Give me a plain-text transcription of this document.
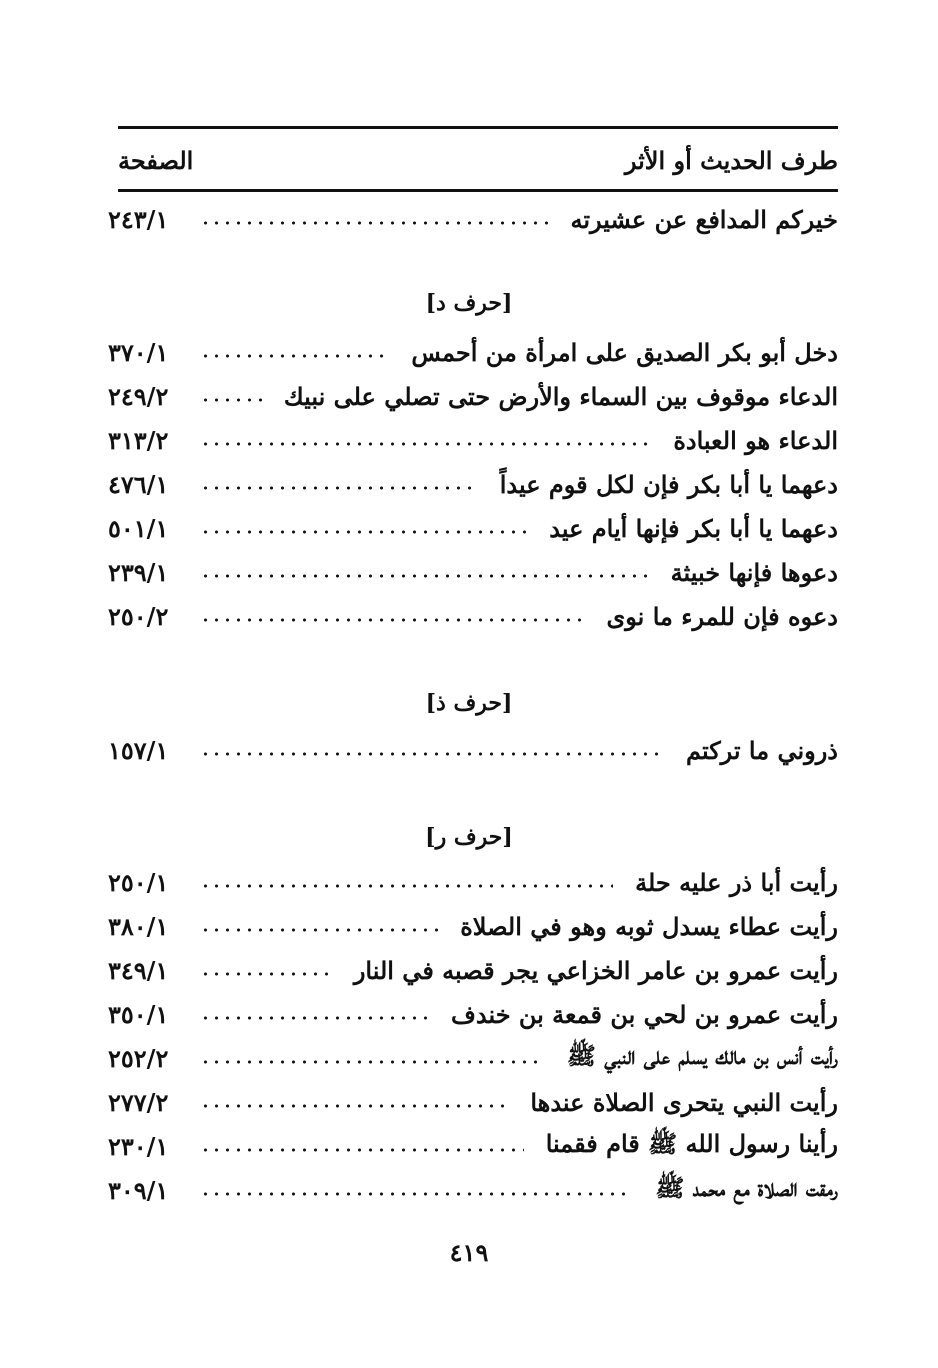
طرف الحديث أو الأثر
الصفحة
خيركم المدافع عن عشيرته
٢٤٣/١
[حرف د]
دخل أبو بكر الصديق على امرأة من أحمس
٣٧٠/١
الدعاء موقوف بين السماء والأرض حتى تصلي على نبيك
٢٤٩/٢
الدعاء هو العبادة
٣١٣/٢
دعهما يا أبا بكر فإن لكل قوم عيداً
٤٧٦/١
دعهما يا أبا بكر فإنها أيام عيد
٥٠١/١
دعوها فإنها خبيثة
٢٣٩/١
دعوه فإن للمرء ما نوى
٢٥٠/٢
[حرف ذ]
ذروني ما تركتم
١٥٧/١
[حرف ر]
رأيت أبا ذر عليه حلة
٢٥٠/١
رأيت عطاء يسدل ثوبه وهو في الصلاة
٣٨٠/١
رأيت عمرو بن عامر الخزاعي يجر قصبه في النار
٣٤٩/١
رأيت عمرو بن لحي بن قمعة بن خندف
٣٥٠/١
رأيت أنس بن مالك يسلم على النبي ﷺ
٢٥٢/٢
رأيت النبي يتحرى الصلاة عندها
٢٧٧/٢
رأينا رسول الله ﷺ قام فقمنا
٢٣٠/١
رمقت الصلاة مع محمد ﷺ
٣٠٩/١
٤١٩
